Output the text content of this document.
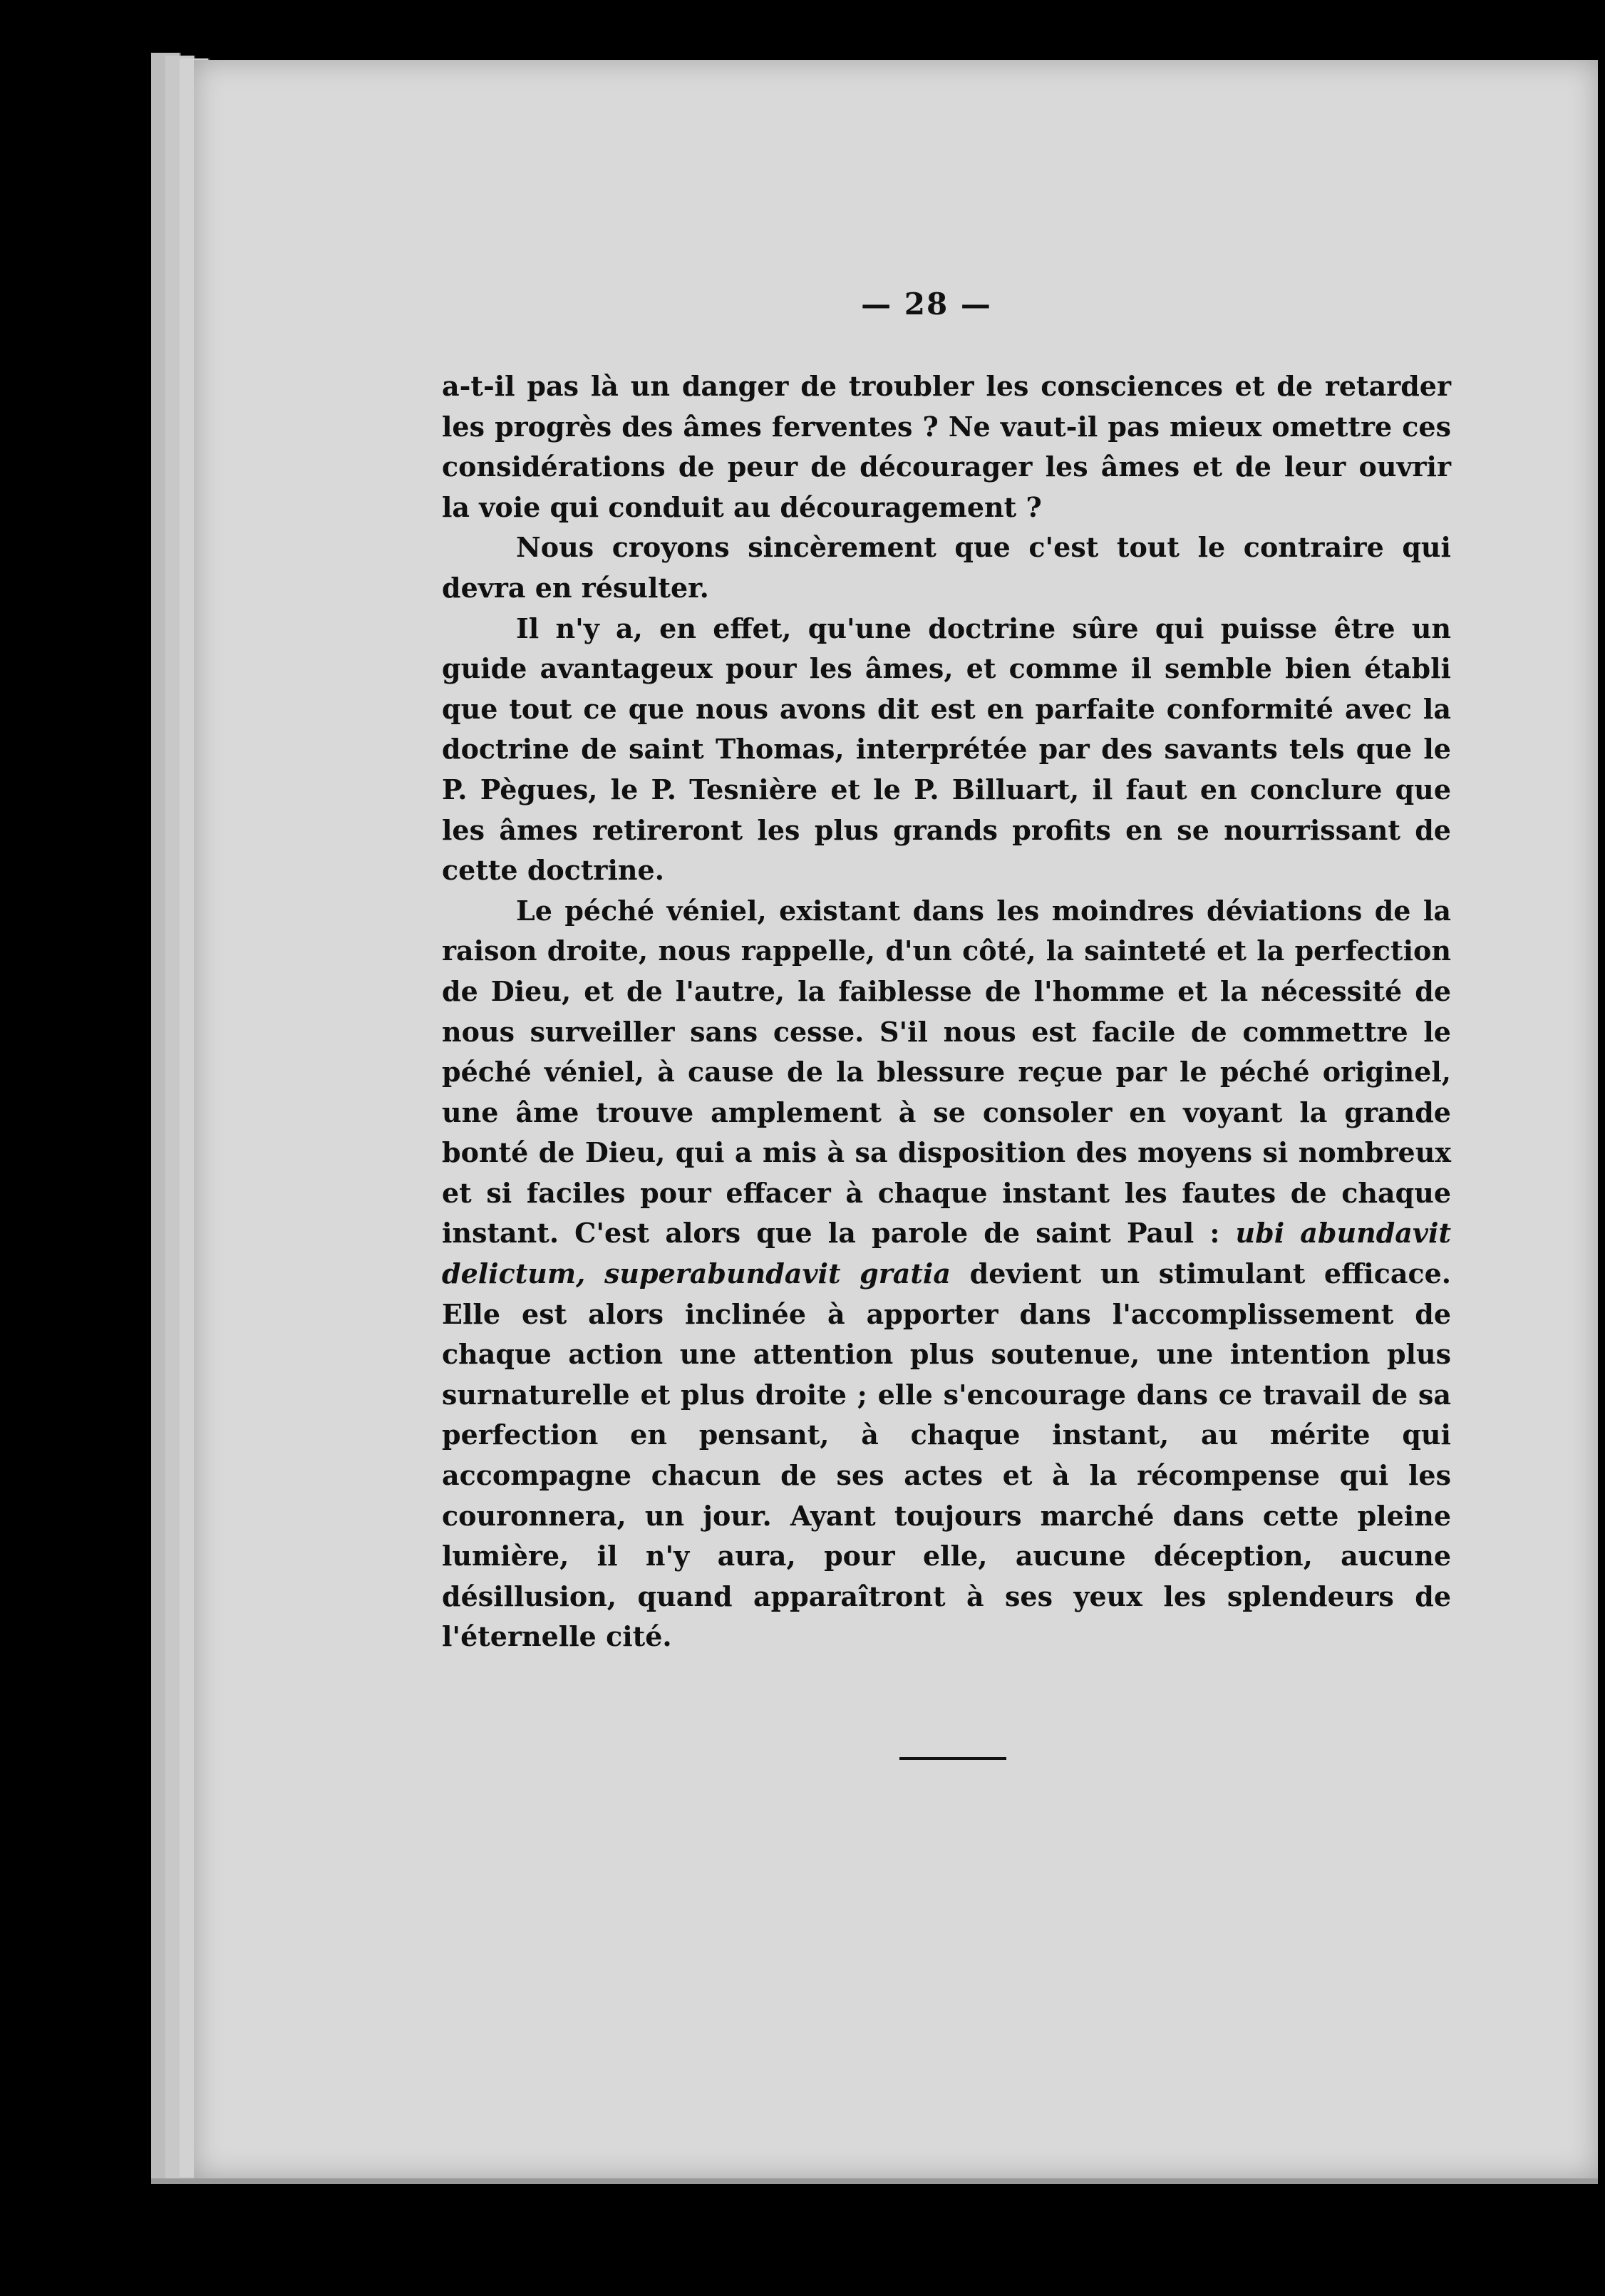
— 28 —

a-t-il pas là un danger de troubler les consciences et de retarder les progrès des âmes ferventes ? Ne vaut-il pas mieux omettre ces considérations de peur de décourager les âmes et de leur ouvrir la voie qui conduit au découragement ?

Nous croyons sincèrement que c'est tout le contraire qui devra en résulter.

Il n'y a, en effet, qu'une doctrine sûre qui puisse être un guide avantageux pour les âmes, et comme il semble bien établi que tout ce que nous avons dit est en parfaite conformité avec la doctrine de saint Thomas, interprétée par des savants tels que le P. Pègues, le P. Tesnière et le P. Billuart, il faut en conclure que les âmes retireront les plus grands profits en se nourrissant de cette doctrine.

Le péché véniel, existant dans les moindres déviations de la raison droite, nous rappelle, d'un côté, la sainteté et la perfection de Dieu, et de l'autre, la faiblesse de l'homme et la nécessité de nous surveiller sans cesse. S'il nous est facile de commettre le péché véniel, à cause de la blessure reçue par le péché originel, une âme trouve amplement à se consoler en voyant la grande bonté de Dieu, qui a mis à sa disposition des moyens si nombreux et si faciles pour effacer à chaque instant les fautes de chaque instant. C'est alors que la parole de saint Paul : ubi abundavit delictum, superabundavit gratia devient un stimulant efficace. Elle est alors inclinée à apporter dans l'accomplissement de chaque action une attention plus soutenue, une intention plus surnaturelle et plus droite ; elle s'encourage dans ce travail de sa perfection en pensant, à chaque instant, au mérite qui accompagne chacun de ses actes et à la récompense qui les couronnera, un jour. Ayant toujours marché dans cette pleine lumière, il n'y aura, pour elle, aucune déception, aucune désillusion, quand apparaîtront à ses yeux les splendeurs de l'éternelle cité.
